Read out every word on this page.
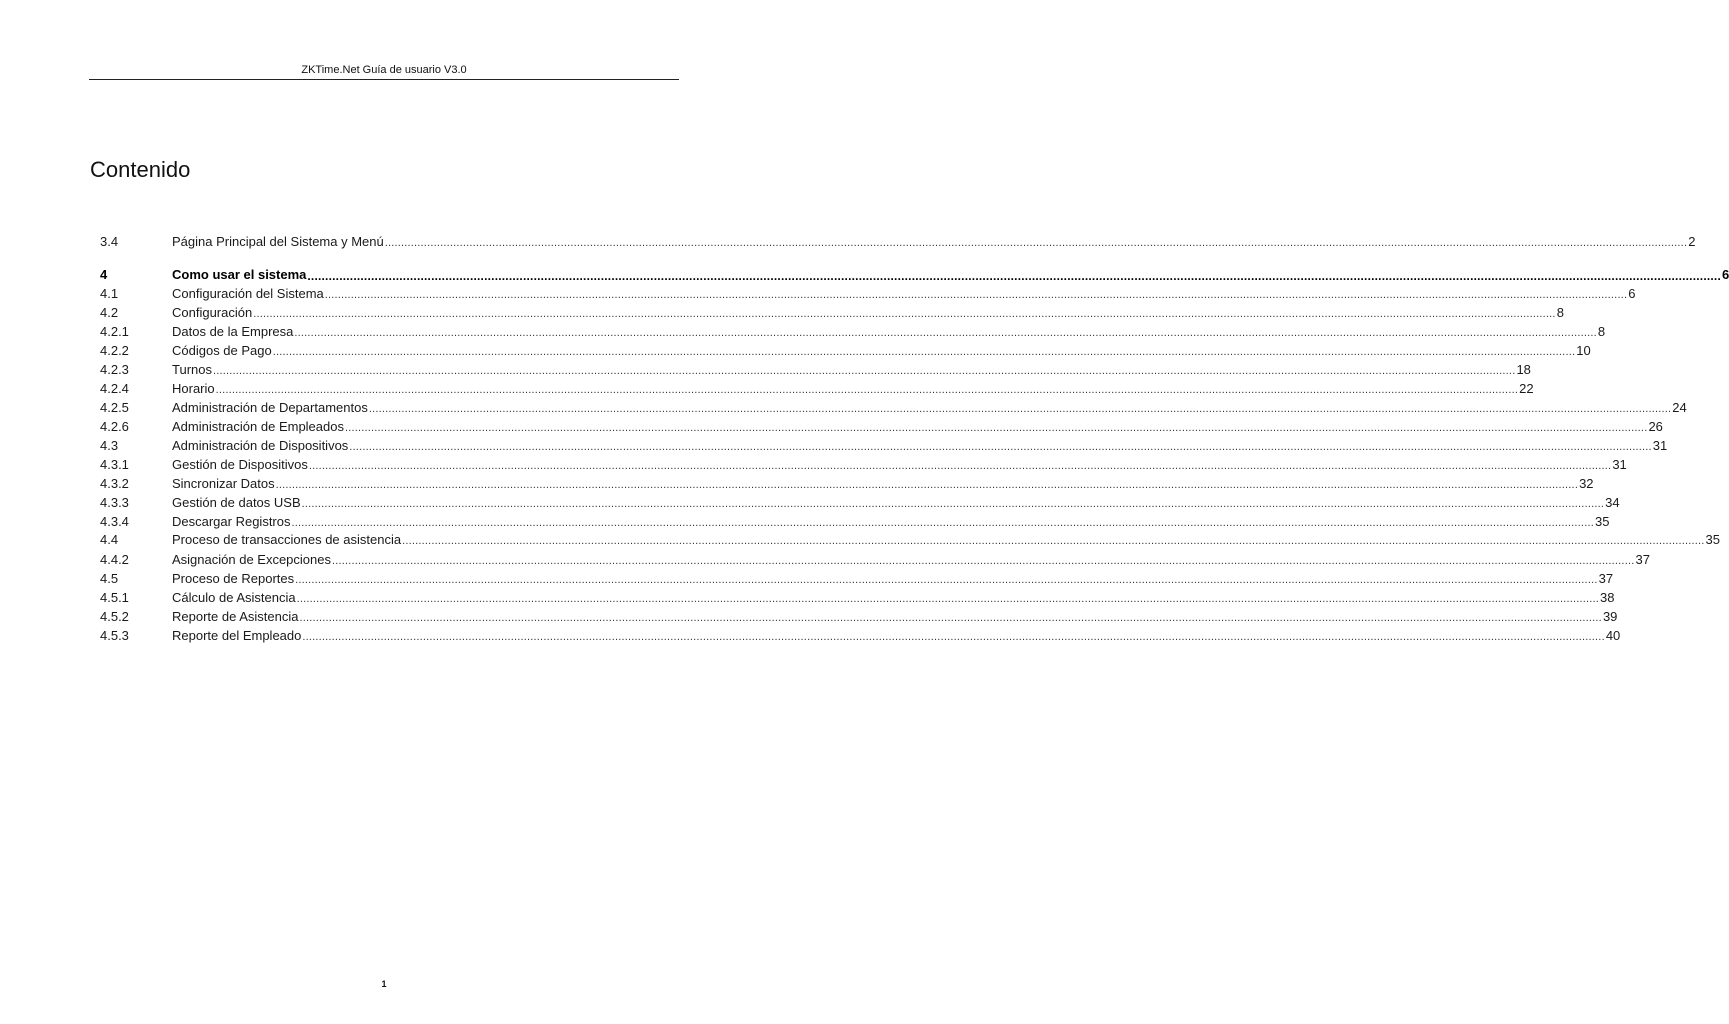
ZKTime.Net Guía de usuario V3.0
Contenido
3.4	Página Principal del Sistema y Menú ................................................................................................................................................................................................................................................................................................................................................................................................................ 2
4	Como usar el sistema ................................................................................................................................................................................................................................................................................................................................................................................................................ 6
4.1	Configuración del Sistema ................................................................................................................................................................................................................................................................................................................................................................................................................ 6
4.2	Configuración ................................................................................................................................................................................................................................................................................................................................................................................................................ 8
4.2.1	Datos de la Empresa ................................................................................................................................................................................................................................................................................................................................................................................................................ 8
4.2.2	Códigos de Pago ................................................................................................................................................................................................................................................................................................................................................................................................................ 10
4.2.3	Turnos ................................................................................................................................................................................................................................................................................................................................................................................................................ 18
4.2.4	Horario ................................................................................................................................................................................................................................................................................................................................................................................................................ 22
4.2.5	Administración de Departamentos ................................................................................................................................................................................................................................................................................................................................................................................................................ 24
4.2.6	Administración de Empleados ................................................................................................................................................................................................................................................................................................................................................................................................................ 26
4.3	Administración de Dispositivos ................................................................................................................................................................................................................................................................................................................................................................................................................ 31
4.3.1	Gestión de Dispositivos ................................................................................................................................................................................................................................................................................................................................................................................................................ 31
4.3.2	Sincronizar Datos ................................................................................................................................................................................................................................................................................................................................................................................................................ 32
4.3.3	Gestión de datos USB ................................................................................................................................................................................................................................................................................................................................................................................................................ 34
4.3.4	Descargar Registros ................................................................................................................................................................................................................................................................................................................................................................................................................ 35
4.4	Proceso de transacciones de asistencia ................................................................................................................................................................................................................................................................................................................................................................................................................ 35
4.4.2	Asignación de Excepciones ................................................................................................................................................................................................................................................................................................................................................................................................................ 37
4.5	Proceso de Reportes ................................................................................................................................................................................................................................................................................................................................................................................................................ 37
4.5.1	Cálculo de Asistencia ................................................................................................................................................................................................................................................................................................................................................................................................................ 38
4.5.2	Reporte de Asistencia ................................................................................................................................................................................................................................................................................................................................................................................................................ 39
4.5.3	Reporte del Empleado ................................................................................................................................................................................................................................................................................................................................................................................................................ 40
1
